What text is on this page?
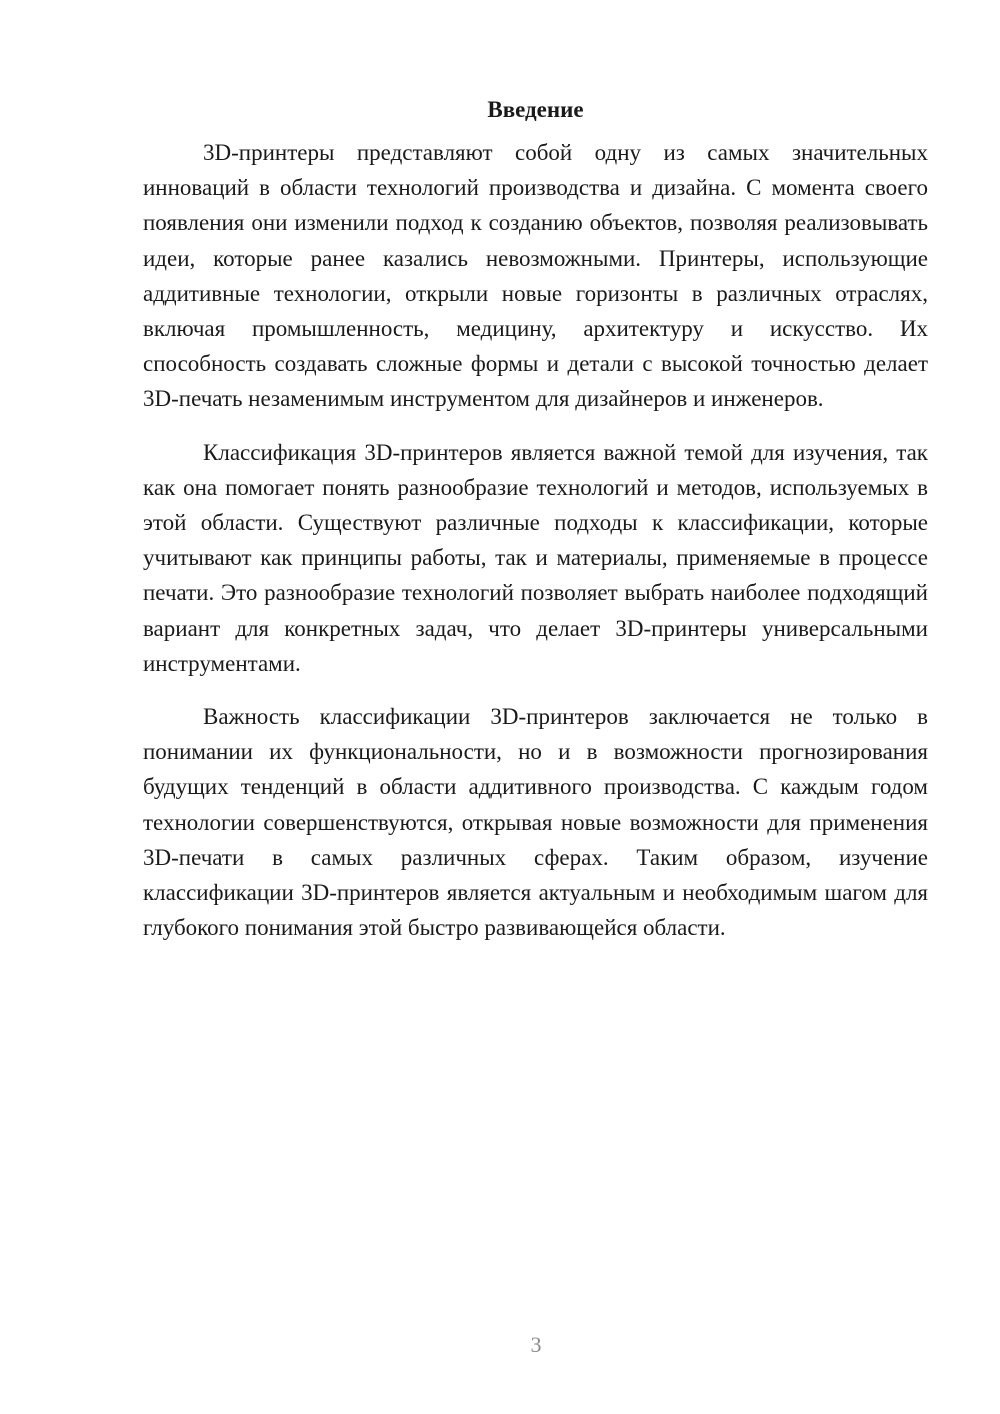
Введение

3D-принтеры представляют собой одну из самых значительных инноваций в области технологий производства и дизайна. С момента своего появления они изменили подход к созданию объектов, позволяя реализовывать идеи, которые ранее казались невозможными. Принтеры, использующие аддитивные технологии, открыли новые горизонты в различных отраслях, включая промышленность, медицину, архитектуру и искусство. Их способность создавать сложные формы и детали с высокой точностью делает 3D-печать незаменимым инструментом для дизайнеров и инженеров.

Классификация 3D-принтеров является важной темой для изучения, так как она помогает понять разнообразие технологий и методов, используемых в этой области. Существуют различные подходы к классификации, которые учитывают как принципы работы, так и материалы, применяемые в процессе печати. Это разнообразие технологий позволяет выбрать наиболее подходящий вариант для конкретных задач, что делает 3D-принтеры универсальными инструментами.

Важность классификации 3D-принтеров заключается не только в понимании их функциональности, но и в возможности прогнозирования будущих тенденций в области аддитивного производства. С каждым годом технологии совершенствуются, открывая новые возможности для применения 3D-печати в самых различных сферах. Таким образом, изучение классификации 3D-принтеров является актуальным и необходимым шагом для глубокого понимания этой быстро развивающейся области.

3
